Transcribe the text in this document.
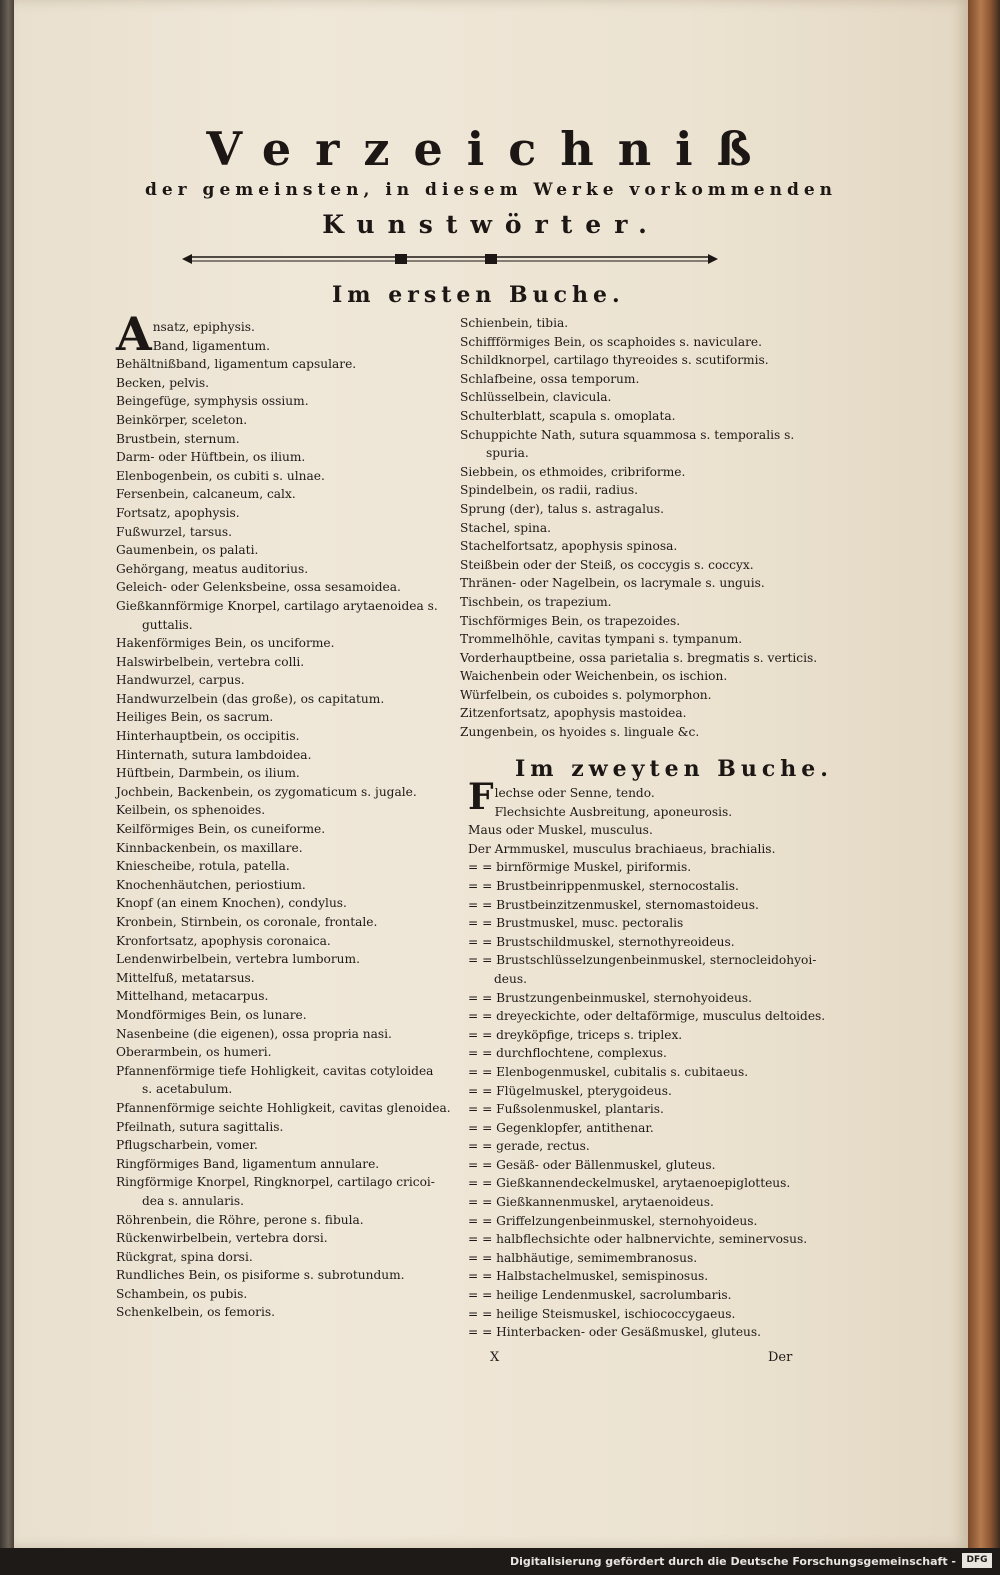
Verzeichniß
der gemeinsten, in diesem Werke vorkommenden
Kunstwörter.
Im ersten Buche.
A nsatz, epiphysis.
Band, ligamentum.
Behältnißband, ligamentum capsulare.
Becken, pelvis.
Beingefüge, symphysis ossium.
Beinkörper, sceleton.
Brustbein, sternum.
Darm- oder Hüftbein, os ilium.
Elenbogenbein, os cubiti s. ulnae.
Fersenbein, calcaneum, calx.
Fortsatz, apophysis.
Fußwurzel, tarsus.
Gaumenbein, os palati.
Gehörgang, meatus auditorius.
Geleich- oder Gelenksbeine, ossa sesamoidea.
Gießkannförmige Knorpel, cartilago arytaenoidea s.
guttalis.
Hakenförmiges Bein, os unciforme.
Halswirbelbein, vertebra colli.
Handwurzel, carpus.
Handwurzelbein (das große), os capitatum.
Heiliges Bein, os sacrum.
Hinterhauptbein, os occipitis.
Hinternath, sutura lambdoidea.
Hüftbein, Darmbein, os ilium.
Jochbein, Backenbein, os zygomaticum s. jugale.
Keilbein, os sphenoides.
Keilförmiges Bein, os cuneiforme.
Kinnbackenbein, os maxillare.
Kniescheibe, rotula, patella.
Knochenhäutchen, periostium.
Knopf (an einem Knochen), condylus.
Kronbein, Stirnbein, os coronale, frontale.
Kronfortsatz, apophysis coronaica.
Lendenwirbelbein, vertebra lumborum.
Mittelfuß, metatarsus.
Mittelhand, metacarpus.
Mondförmiges Bein, os lunare.
Nasenbeine (die eigenen), ossa propria nasi.
Oberarmbein, os humeri.
Pfannenförmige tiefe Hohligkeit, cavitas cotyloidea
s. acetabulum.
Pfannenförmige seichte Hohligkeit, cavitas glenoidea.
Pfeilnath, sutura sagittalis.
Pflugscharbein, vomer.
Ringförmiges Band, ligamentum annulare.
Ringförmige Knorpel, Ringknorpel, cartilago cricoi-
dea s. annularis.
Röhrenbein, die Röhre, perone s. fibula.
Rückenwirbelbein, vertebra dorsi.
Rückgrat, spina dorsi.
Rundliches Bein, os pisiforme s. subrotundum.
Schambein, os pubis.
Schenkelbein, os femoris.
Schienbein, tibia.
Schiffförmiges Bein, os scaphoides s. naviculare.
Schildknorpel, cartilago thyreoides s. scutiformis.
Schlafbeine, ossa temporum.
Schlüsselbein, clavicula.
Schulterblatt, scapula s. omoplata.
Schuppichte Nath, sutura squammosa s. temporalis s.
spuria.
Siebbein, os ethmoides, cribriforme.
Spindelbein, os radii, radius.
Sprung (der), talus s. astragalus.
Stachel, spina.
Stachelfortsatz, apophysis spinosa.
Steißbein oder der Steiß, os coccygis s. coccyx.
Thränen- oder Nagelbein, os lacrymale s. unguis.
Tischbein, os trapezium.
Tischförmiges Bein, os trapezoides.
Trommelhöhle, cavitas tympani s. tympanum.
Vorderhauptbeine, ossa parietalia s. bregmatis s. verticis.
Waichenbein oder Weichenbein, os ischion.
Würfelbein, os cuboides s. polymorphon.
Zitzenfortsatz, apophysis mastoidea.
Zungenbein, os hyoides s. linguale &c.
Im zweyten Buche.
F lechse oder Senne, tendo.
Flechsichte Ausbreitung, aponeurosis.
Maus oder Muskel, musculus.
Der Armmuskel, musculus brachiaeus, brachialis.
= = birnförmige Muskel, piriformis.
= = Brustbeinrippenmuskel, sternocostalis.
= = Brustbeinzitzenmuskel, sternomastoideus.
= = Brustmuskel, musc. pectoralis
= = Brustschildmuskel, sternothyreoideus.
= = Brustschlüsselzungenbeinmuskel, sternocleidohyoi-
deus.
= = Brustzungenbeinmuskel, sternohyoideus.
= = dreyeckichte, oder deltaförmige, musculus deltoides.
= = dreyköpfige, triceps s. triplex.
= = durchflochtene, complexus.
= = Elenbogenmuskel, cubitalis s. cubitaeus.
= = Flügelmuskel, pterygoideus.
= = Fußsolenmuskel, plantaris.
= = Gegenklopfer, antithenar.
= = gerade, rectus.
= = Gesäß- oder Bällenmuskel, gluteus.
= = Gießkannendeckelmuskel, arytaenoepiglotteus.
= = Gießkannenmuskel, arytaenoideus.
= = Griffelzungenbeinmuskel, sternohyoideus.
= = halbflechsichte oder halbnervichte, seminervosus.
= = halbhäutige, semimembranosus.
= = Halbstachelmuskel, semispinosus.
= = heilige Lendenmuskel, sacrolumbaris.
= = heilige Steismuskel, ischiococcygaeus.
= = Hinterbacken- oder Gesäßmuskel, gluteus.
X	Der
Digitalisierung gefördert durch die Deutsche Forschungsgemeinschaft -	DFG
